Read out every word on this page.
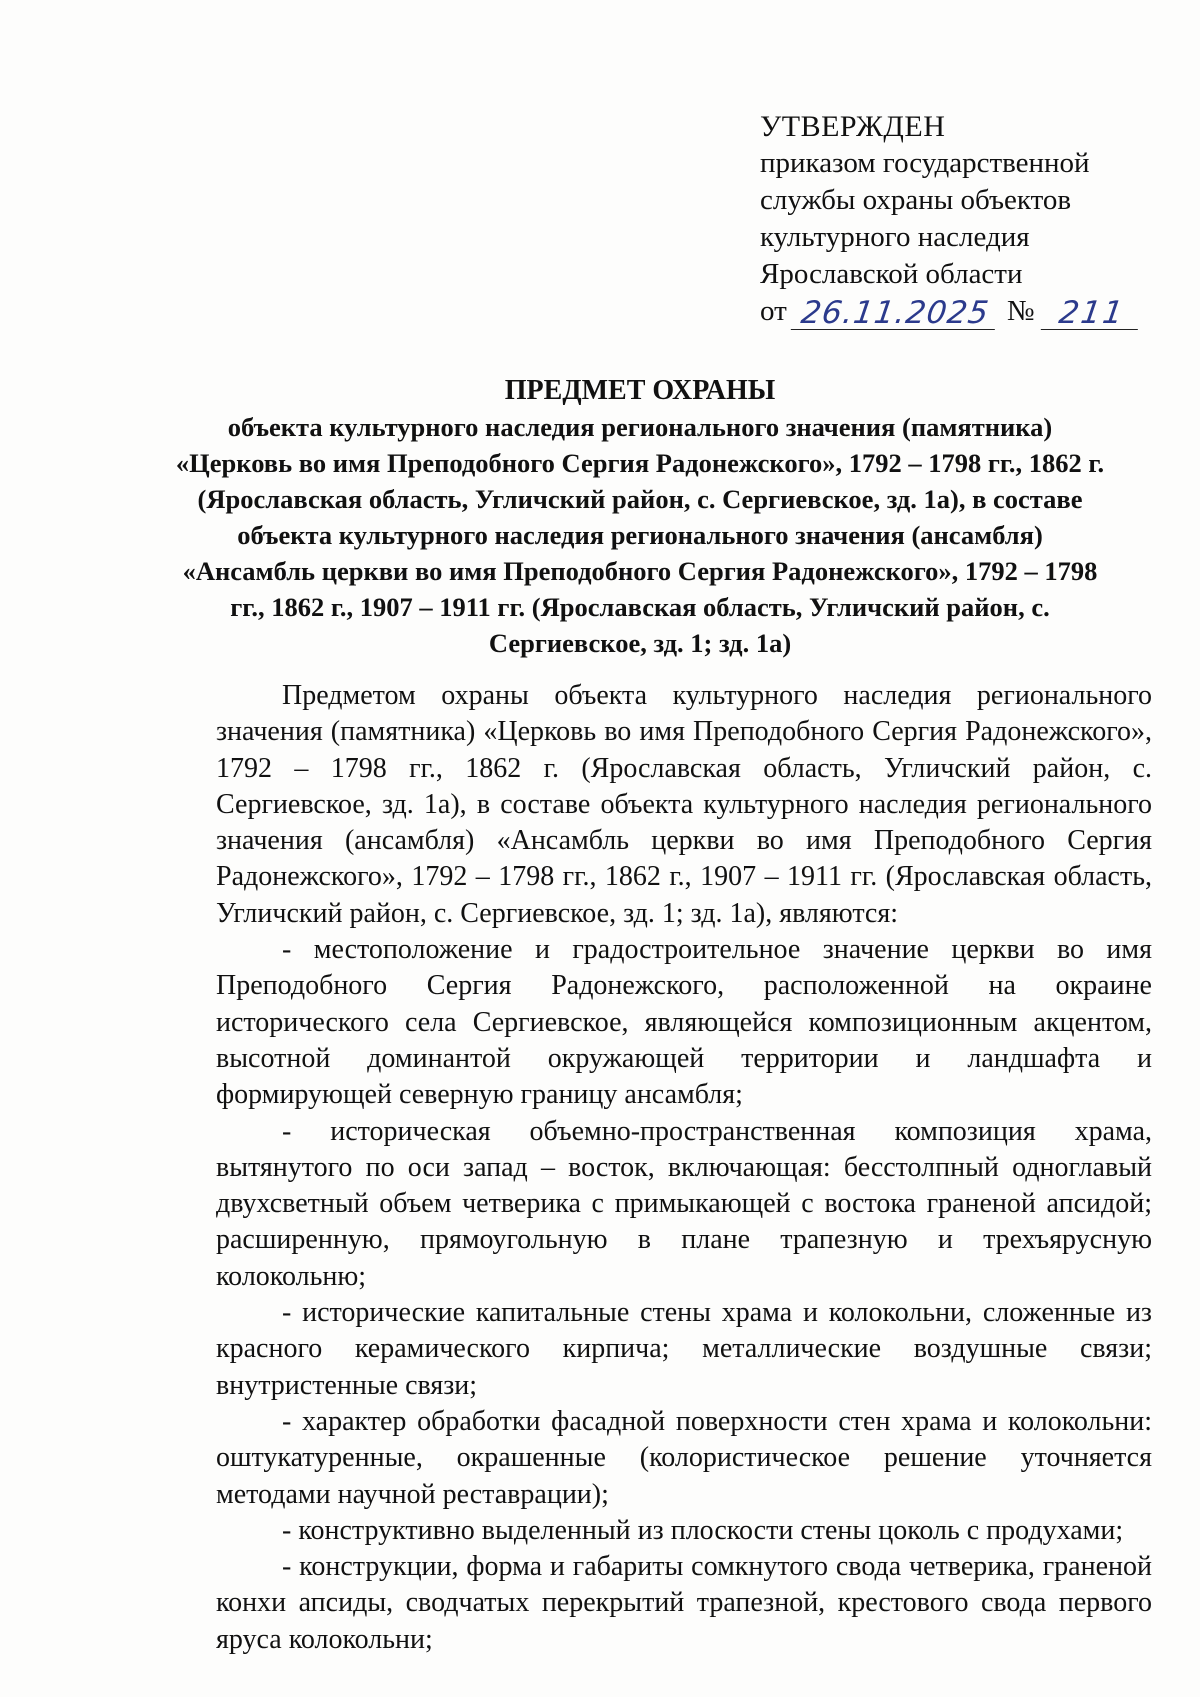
УТВЕРЖДЕН
приказом государственной
службы охраны объектов
культурного наследия
Ярославской области
от 26.11.2025 № 211
ПРЕДМЕТ ОХРАНЫ
объекта культурного наследия регионального значения (памятника) «Церковь во имя Преподобного Сергия Радонежского», 1792 – 1798 гг., 1862 г. (Ярославская область, Угличский район, с. Сергиевское, зд. 1а), в составе объекта культурного наследия регионального значения (ансамбля) «Ансамбль церкви во имя Преподобного Сергия Радонежского», 1792 – 1798 гг., 1862 г., 1907 – 1911 гг. (Ярославская область, Угличский район, с. Сергиевское, зд. 1; зд. 1а)

Предметом охраны объекта культурного наследия регионального значения (памятника) «Церковь во имя Преподобного Сергия Радонежского», 1792 – 1798 гг., 1862 г. (Ярославская область, Угличский район, с. Сергиевское, зд. 1а), в составе объекта культурного наследия регионального значения (ансамбля) «Ансамбль церкви во имя Преподобного Сергия Радонежского», 1792 – 1798 гг., 1862 г., 1907 – 1911 гг. (Ярославская область, Угличский район, с. Сергиевское, зд. 1; зд. 1а), являются:

- местоположение и градостроительное значение церкви во имя Преподобного Сергия Радонежского, расположенной на окраине исторического села Сергиевское, являющейся композиционным акцентом, высотной доминантой окружающей территории и ландшафта и формирующей северную границу ансамбля;

- историческая объемно-пространственная композиция храма, вытянутого по оси запад – восток, включающая: бесстолпный одноглавый двухсветный объем четверика с примыкающей с востока граненой апсидой; расширенную, прямоугольную в плане трапезную и трехъярусную колокольню;

- исторические капитальные стены храма и колокольни, сложенные из красного керамического кирпича; металлические воздушные связи; внутристенные связи;

- характер обработки фасадной поверхности стен храма и колокольни: оштукатуренные, окрашенные (колористическое решение уточняется методами научной реставрации);

- конструктивно выделенный из плоскости стены цоколь с продухами;

- конструкции, форма и габариты сомкнутого свода четверика, граненой конхи апсиды, сводчатых перекрытий трапезной, крестового свода первого яруса колокольни;
